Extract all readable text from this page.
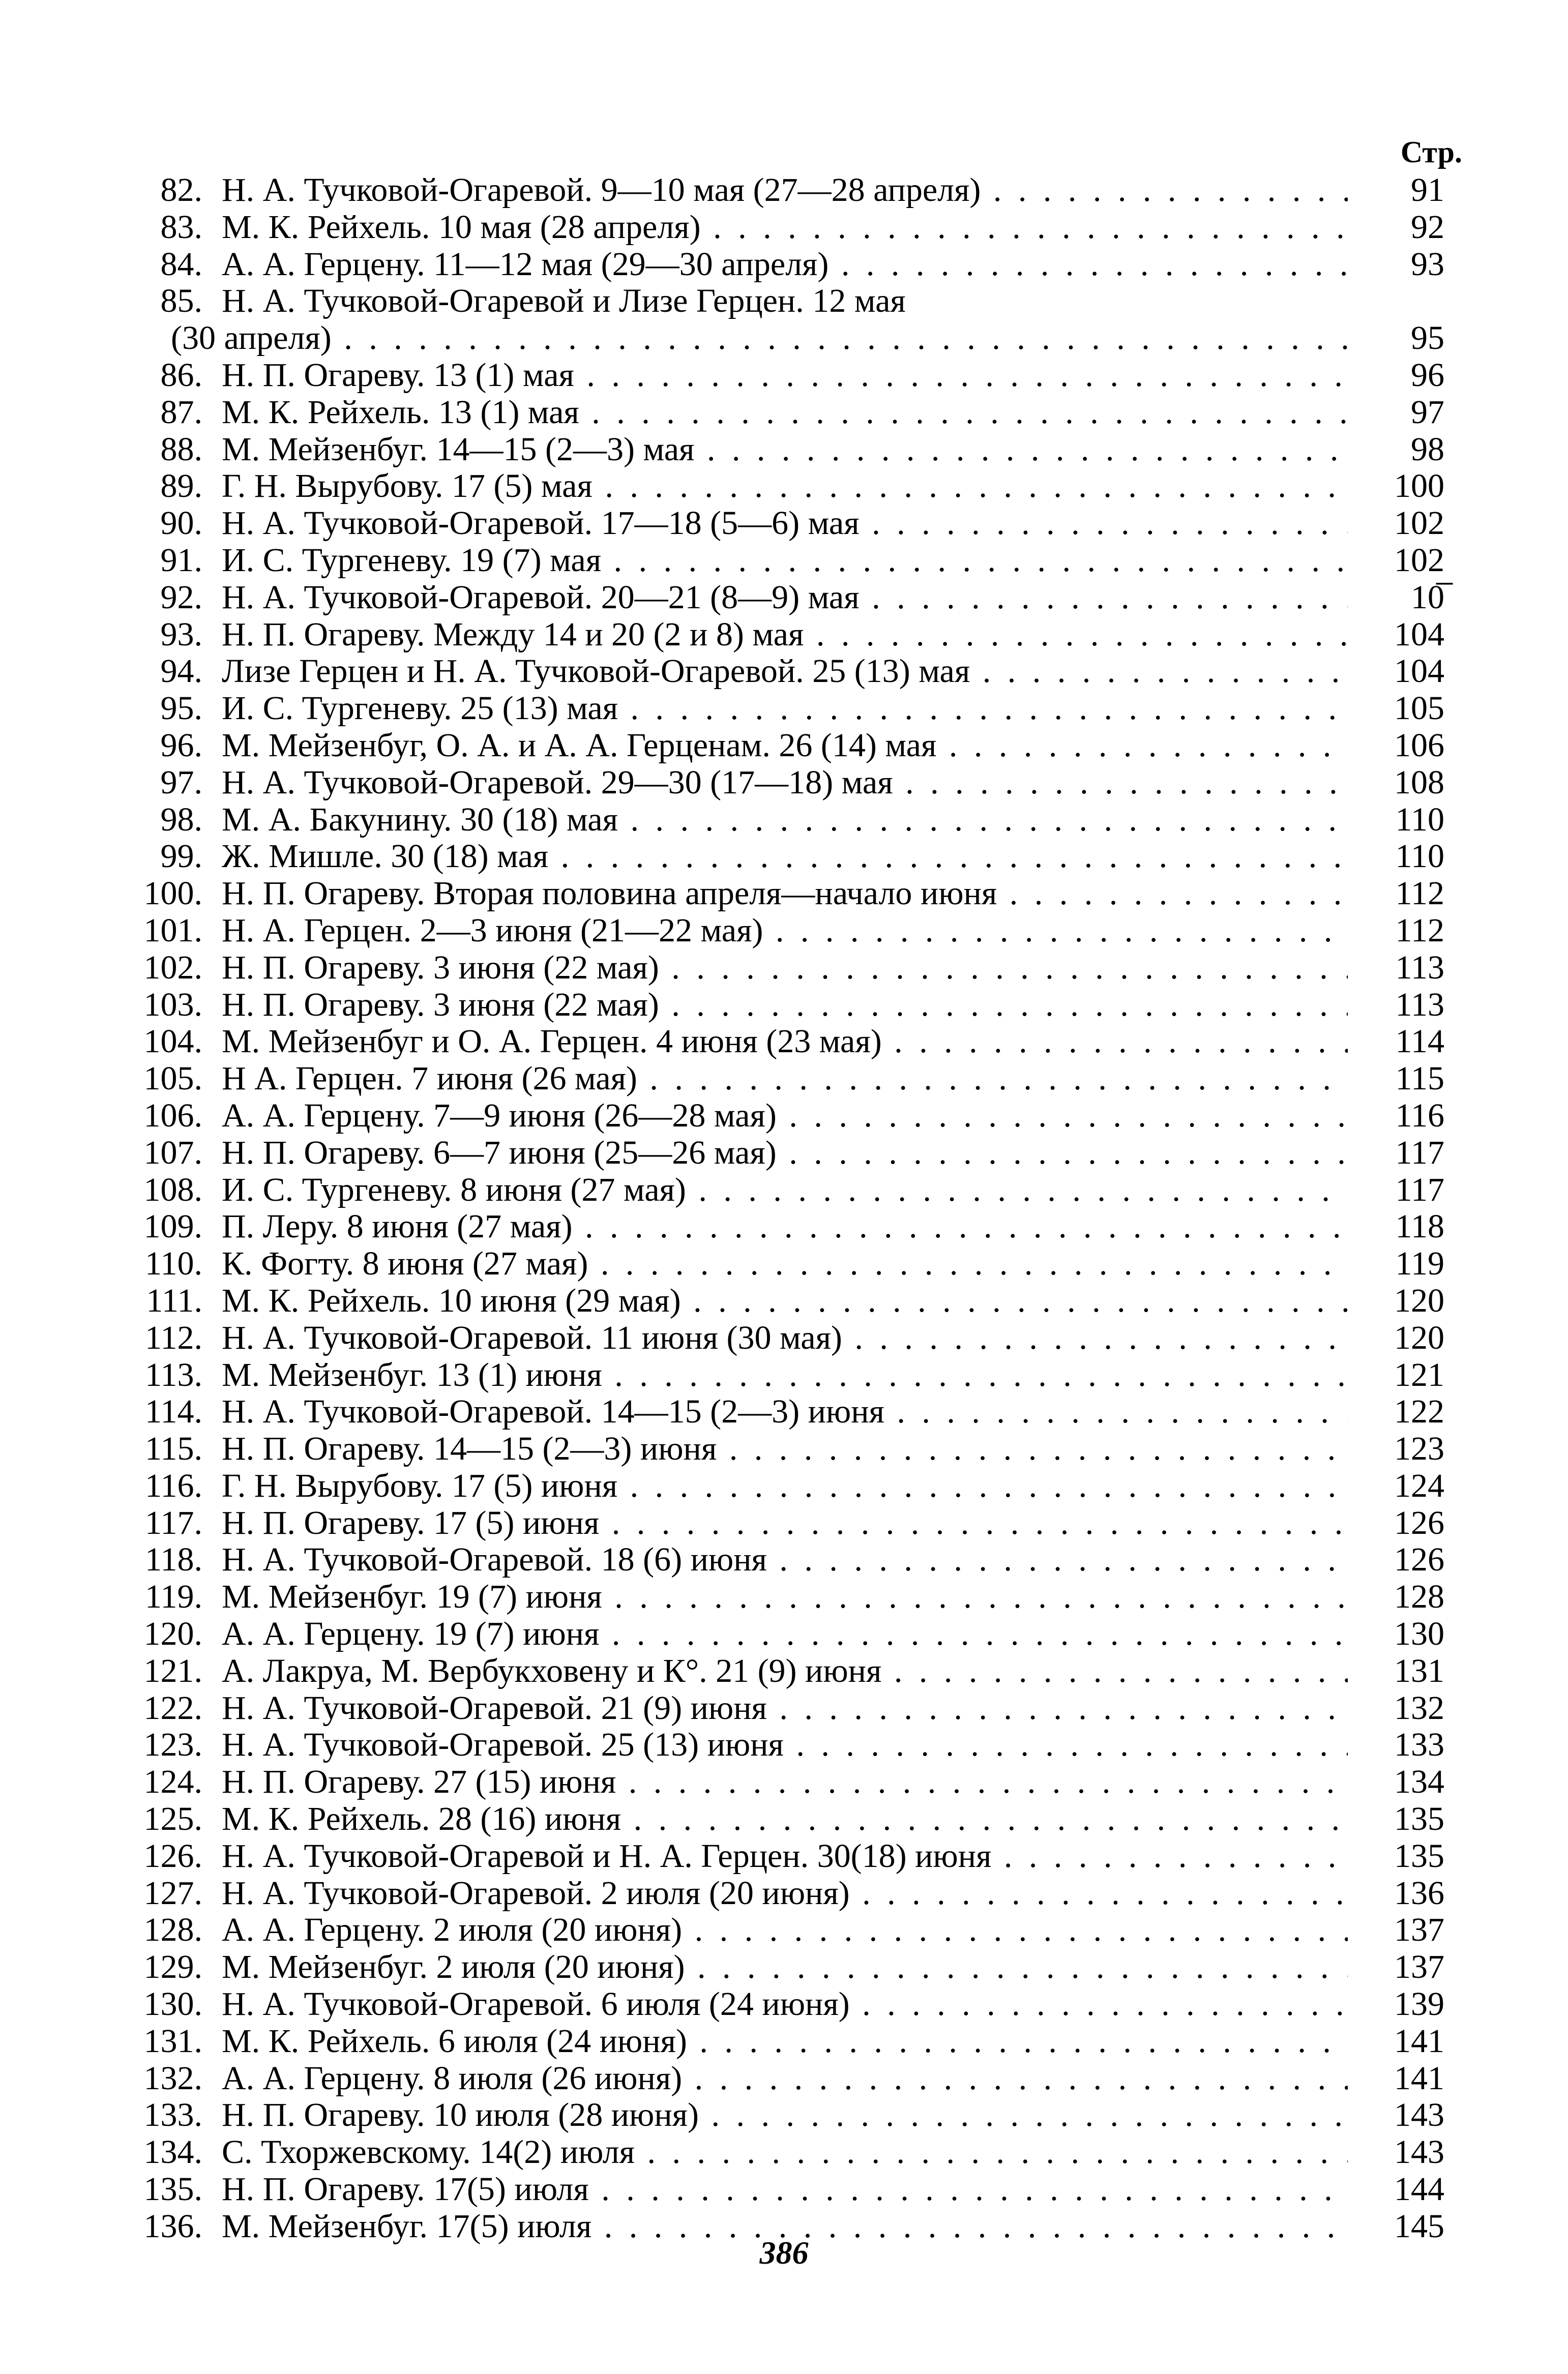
Стр.
82. Н. А. Тучковой-Огаревой. 9—10 мая (27—28 апреля) . . .	91
83. М. К. Рейхель. 10 мая (28 апреля) . . .	92
84. А. А. Герцену. 11—12 мая (29—30 апреля) . . .	93
85. Н. А. Тучковой-Огаревой и Лизе Герцен. 12 мая
(30 апреля) . . .	95
86. Н. П. Огареву. 13 (1) мая . . .	96
87. М. К. Рейхель. 13 (1) мая . . .	97
88. М. Мейзенбуг. 14—15 (2—3) мая . . .	98
89. Г. Н. Вырубову. 17 (5) мая . . .	100
90. Н. А. Тучковой-Огаревой. 17—18 (5—6) мая . . .	102
91. И. С. Тургеневу. 19 (7) мая . . .	102
92. Н. А. Тучковой-Огаревой. 20—21 (8—9) мая . . .	10̅
93. Н. П. Огареву. Между 14 и 20 (2 и 8) мая . . .	104
94. Лизе Герцен и Н. А. Тучковой-Огаревой. 25 (13) мая . . .	104
95. И. С. Тургеневу. 25 (13) мая . . .	105
96. М. Мейзенбуг, О. А. и А. А. Герценам. 26 (14) мая . . .	106
97. Н. А. Тучковой-Огаревой. 29—30 (17—18) мая . . .	108
98. М. А. Бакунину. 30 (18) мая . . .	110
99. Ж. Мишле. 30 (18) мая . . .	110
100. Н. П. Огареву. Вторая половина апреля—начало июня . . .	112
101. Н. А. Герцен. 2—3 июня (21—22 мая) . . .	112
102. Н. П. Огареву. 3 июня (22 мая) . . .	113
103. Н. П. Огареву. 3 июня (22 мая) . . .	113
104. М. Мейзенбуг и О. А. Герцен. 4 июня (23 мая) . . .	114
105. Н А. Герцен. 7 июня (26 мая) . . .	115
106. А. А. Герцену. 7—9 июня (26—28 мая) . . .	116
107. Н. П. Огареву. 6—7 июня (25—26 мая) . . .	117
108. И. С. Тургеневу. 8 июня (27 мая) . . .	117
109. П. Леру. 8 июня (27 мая) . . .	118
110. К. Фогту. 8 июня (27 мая) . . .	119
111. М. К. Рейхель. 10 июня (29 мая) . . .	120
112. Н. А. Тучковой-Огаревой. 11 июня (30 мая) . . .	120
113. М. Мейзенбуг. 13 (1) июня . . .	121
114. Н. А. Тучковой-Огаревой. 14—15 (2—3) июня . . .	122
115. Н. П. Огареву. 14—15 (2—3) июня . . .	123
116. Г. Н. Вырубову. 17 (5) июня . . .	124
117. Н. П. Огареву. 17 (5) июня . . .	126
118. Н. А. Тучковой-Огаревой. 18 (6) июня . . .	126
119. М. Мейзенбуг. 19 (7) июня . . .	128
120. А. А. Герцену. 19 (7) июня . . .	130
121. А. Лакруа, М. Вербукховену и К°. 21 (9) июня . . .	131
122. Н. А. Тучковой-Огаревой. 21 (9) июня . . .	132
123. Н. А. Тучковой-Огаревой. 25 (13) июня . . .	133
124. Н. П. Огареву. 27 (15) июня . . .	134
125. М. К. Рейхель. 28 (16) июня . . .	135
126. Н. А. Тучковой-Огаревой и Н. А. Герцен. 30(18) июня . . .	135
127. Н. А. Тучковой-Огаревой. 2 июля (20 июня) . . .	136
128. А. А. Герцену. 2 июля (20 июня) . . .	137
129. М. Мейзенбуг. 2 июля (20 июня) . . .	137
130. Н. А. Тучковой-Огаревой. 6 июля (24 июня) . . .	139
131. М. К. Рейхель. 6 июля (24 июня) . . .	141
132. А. А. Герцену. 8 июля (26 июня) . . .	141
133. Н. П. Огареву. 10 июля (28 июня) . . .	143
134. С. Тхоржевскому. 14(2) июля . . .	143
135. Н. П. Огареву. 17(5) июля . . .	144
136. М. Мейзенбуг. 17(5) июля . . .	145
386
